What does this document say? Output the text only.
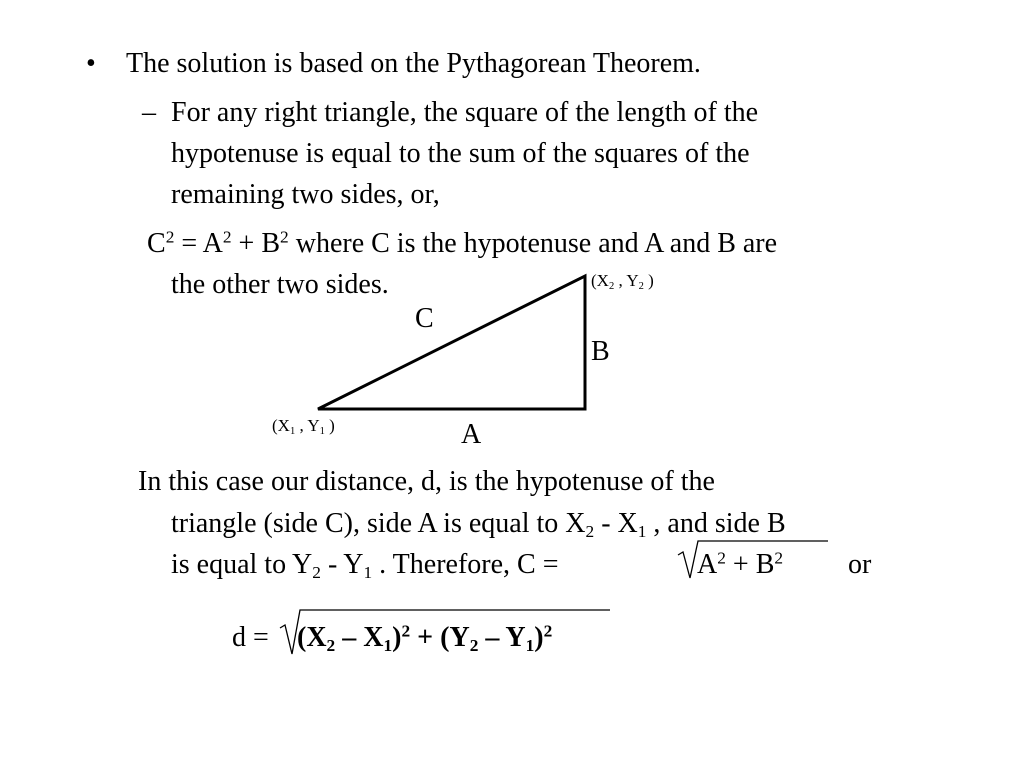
• The solution is based on the Pythagorean Theorem.
– For any right triangle, the square of the length of the
hypotenuse is equal to the sum of the squares of the
remaining two sides, or,
$C^2 = A^2 + B^2$ where C is the hypotenuse and A and B are
the other two sides.
C
B
A
($X_2$ , $Y_2$ )
($X_1$ , $Y_1$ )
In this case our distance, d, is the hypotenuse of the
triangle (side C), side A is equal to $X_2 - X_1$ , and side B
is equal to $Y_2 - Y_1$ . Therefore, C =	$A^2 + B^2$ or
$d = (X_2 - X_1)^2 + (Y_2 - Y_1)^2$
